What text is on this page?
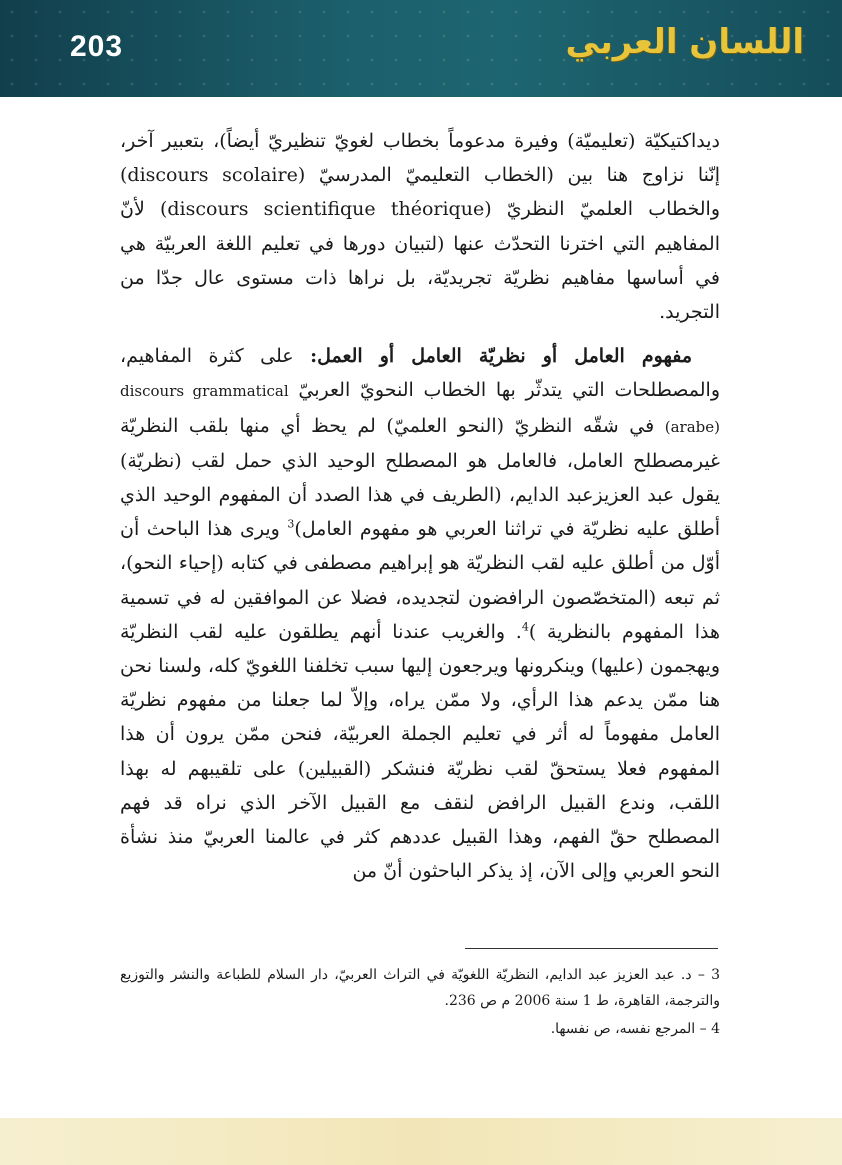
203	اللسان العربي

ديداكتيكيّة (تعليميّة) وفيرة مدعوماً بخطاب لغويّ تنظيريّ أيضاً)، بتعبير آخر، إنّنا نزاوج هنا بين (الخطاب التعليميّ المدرسيّ (discours scolaire) والخطاب العلميّ النظريّ (discours scientifique théorique) لأنّ المفاهيم التي اخترنا التحدّث عنها (لتبيان دورها في تعليم اللغة العربيّة هي في أساسها مفاهيم نظريّة تجريديّة، بل نراها ذات مستوى عال جدّا من التجريد.

مفهوم العامل أو نظريّة العامل أو العمل: على كثرة المفاهيم، والمصطلحات التي يتدثّر بها الخطاب النحويّ العربيّ discours grammatical (arabe) في شقّه النظريّ (النحو العلميّ) لم يحظ أي منها بلقب النظريّة غيرمصطلح العامل، فالعامل هو المصطلح الوحيد الذي حمل لقب (نظريّة) يقول عبد العزيزعبد الدايم، (الطريف في هذا الصدد أن المفهوم الوحيد الذي أطلق عليه نظريّة في تراثنا العربي هو مفهوم العامل)$^3$ ويرى هذا الباحث أن أوّل من أطلق عليه لقب النظريّة هو إبراهيم مصطفى في كتابه (إحياء النحو)، ثم تبعه (المتخصّصون الرافضون لتجديده، فضلا عن الموافقين له في تسمية هذا المفهوم بالنظرية )$^4$. والغريب عندنا أنهم يطلقون عليه لقب النظريّة ويهجمون (عليها) وينكرونها ويرجعون إليها سبب تخلفنا اللغويّ كله، ولسنا نحن هنا ممّن يدعم هذا الرأي، ولا ممّن يراه، وإلاّ لما جعلنا من مفهوم نظريّة العامل مفهوماً له أثر في تعليم الجملة العربيّة، فنحن ممّن يرون أن هذا المفهوم فعلا يستحقّ لقب نظريّة فنشكر (القبيلين) على تلقيبهم له بهذا اللقب، وندع القبيل الرافض لنقف مع القبيل الآخر الذي نراه قد فهم المصطلح حقّ الفهم، وهذا القبيل عددهم كثر في عالمنا العربيّ منذ نشأة النحو العربي وإلى الآن، إذ يذكر الباحثون أنّ من

3 – د. عبد العزيز عبد الدايم، النظريّة اللغويّة في التراث العربيّ، دار السلام للطباعة والنشر والتوزيع والترجمة، القاهرة، ط 1 سنة 2006 م ص 236.

4 – المرجع نفسه، ص نفسها.
